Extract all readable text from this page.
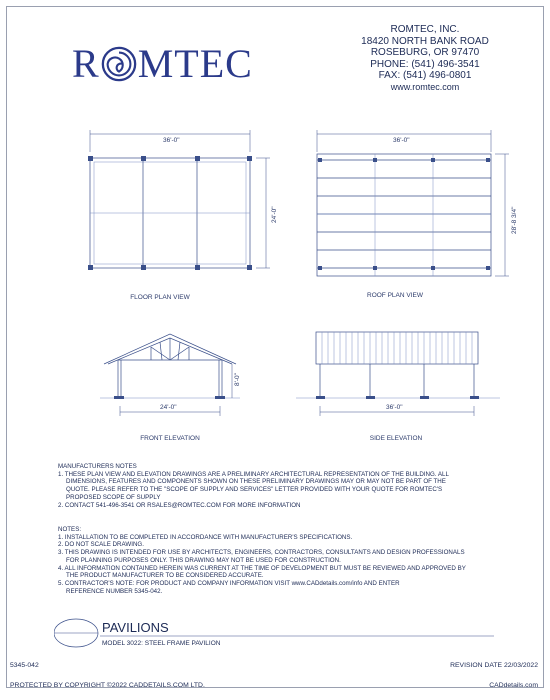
R MTEC
ROMTEC, INC.
18420 NORTH BANK ROAD
ROSEBURG, OR 97470
PHONE: (541) 496-3541
FAX: (541) 496-0801
www.romtec.com
36'-0"
24'-0"
FLOOR PLAN VIEW
36'-0"
28'-8 3/4"
ROOF PLAN VIEW
8'-0"
24'-0"
FRONT ELEVATION
36'-0"
SIDE ELEVATION

MANUFACTURERS NOTES

1. THESE PLAN VIEW AND ELEVATION DRAWINGS ARE A PRELIMINARY ARCHITECTURAL REPRESENTATION OF THE BUILDING. ALL

DIMENSIONS, FEATURES AND COMPONENTS SHOWN ON THESE PRELIMINARY DRAWINGS MAY OR MAY NOT BE PART OF THE

QUOTE. PLEASE REFER TO THE "SCOPE OF SUPPLY AND SERVICES" LETTER PROVIDED WITH YOUR QUOTE FOR ROMTEC'S

PROPOSED SCOPE OF SUPPLY

2. CONTACT 541-496-3541 OR RSALES@ROMTEC.COM FOR MORE INFORMATION

NOTES:

1. INSTALLATION TO BE COMPLETED IN ACCORDANCE WITH MANUFACTURER'S SPECIFICATIONS.

2. DO NOT SCALE DRAWING.

3. THIS DRAWING IS INTENDED FOR USE BY ARCHITECTS, ENGINEERS, CONTRACTORS, CONSULTANTS AND DESIGN PROFESSIONALS

FOR PLANNING PURPOSES ONLY. THIS DRAWING MAY NOT BE USED FOR CONSTRUCTION.

4. ALL INFORMATION CONTAINED HEREIN WAS CURRENT AT THE TIME OF DEVELOPMENT BUT MUST BE REVIEWED AND APPROVED BY

THE PRODUCT MANUFACTURER TO BE CONSIDERED ACCURATE.

5. CONTRACTOR'S NOTE: FOR PRODUCT AND COMPANY INFORMATION VISIT www.CADdetails.com/info AND ENTER

REFERENCE NUMBER 5345-042.

PAVILIONS
MODEL 3022: STEEL FRAME PAVILION
5345-042	REVISION DATE 22/03/2022
PROTECTED BY COPYRIGHT ©2022 CADDETAILS.COM LTD.	CADdetails.com
